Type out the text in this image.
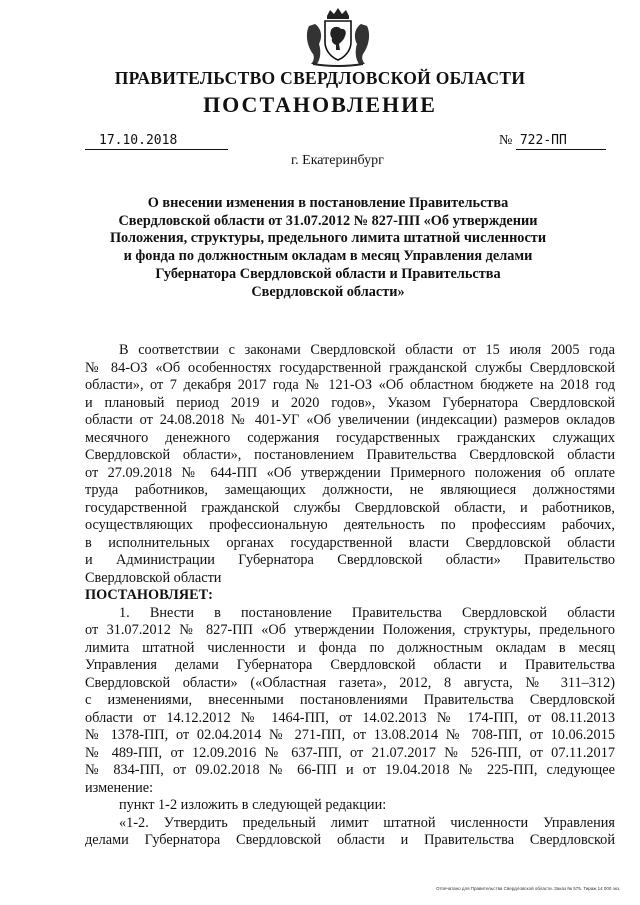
ПРАВИТЕЛЬСТВО СВЕРДЛОВСКОЙ ОБЛАСТИ
ПОСТАНОВЛЕНИЕ
17.10.2018	№ 722-ПП
г. Екатеринбург
О внесении изменения в постановление Правительства
Свердловской области от 31.07.2012 № 827-ПП «Об утверждении
Положения, структуры, предельного лимита штатной численности
и фонда по должностным окладам в месяц Управления делами
Губернатора Свердловской области и Правительства
Свердловской области»

В соответствии с законами Свердловской области от 15 июля 2005 года

№ 84-ОЗ «Об особенностях государственной гражданской службы Свердловской

области», от 7 декабря 2017 года № 121-ОЗ «Об областном бюджете на 2018 год

и плановый период 2019 и 2020 годов», Указом Губернатора Свердловской

области от 24.08.2018 № 401-УГ «Об увеличении (индексации) размеров окладов

месячного денежного содержания государственных гражданских служащих

Свердловской области», постановлением Правительства Свердловской области

от 27.09.2018 № 644-ПП «Об утверждении Примерного положения об оплате

труда работников, замещающих должности, не являющиеся должностями

государственной гражданской службы Свердловской области, и работников,

осуществляющих профессиональную деятельность по профессиям рабочих,

в исполнительных органах государственной власти Свердловской области

и Администрации Губернатора Свердловской области» Правительство

Свердловской области

ПОСТАНОВЛЯЕТ:

1. Внести в постановление Правительства Свердловской области

от 31.07.2012 № 827-ПП «Об утверждении Положения, структуры, предельного

лимита штатной численности и фонда по должностным окладам в месяц

Управления делами Губернатора Свердловской области и Правительства

Свердловской области» («Областная газета», 2012, 8 августа, № 311–312)

с изменениями, внесенными постановлениями Правительства Свердловской

области от 14.12.2012 № 1464-ПП, от 14.02.2013 № 174-ПП, от 08.11.2013

№ 1378-ПП, от 02.04.2014 № 271-ПП, от 13.08.2014 № 708-ПП, от 10.06.2015

№ 489-ПП, от 12.09.2016 № 637-ПП, от 21.07.2017 № 526-ПП, от 07.11.2017

№ 834-ПП, от 09.02.2018 № 66-ПП и от 19.04.2018 № 225-ПП, следующее

изменение:

пункт 1-2 изложить в следующей редакции:

«1-2. Утвердить предельный лимит штатной численности Управления

делами Губернатора Свердловской области и Правительства Свердловской

Отпечатано для Правительства Свердловской области. Заказ № 575. Тираж 14 000 экз.
